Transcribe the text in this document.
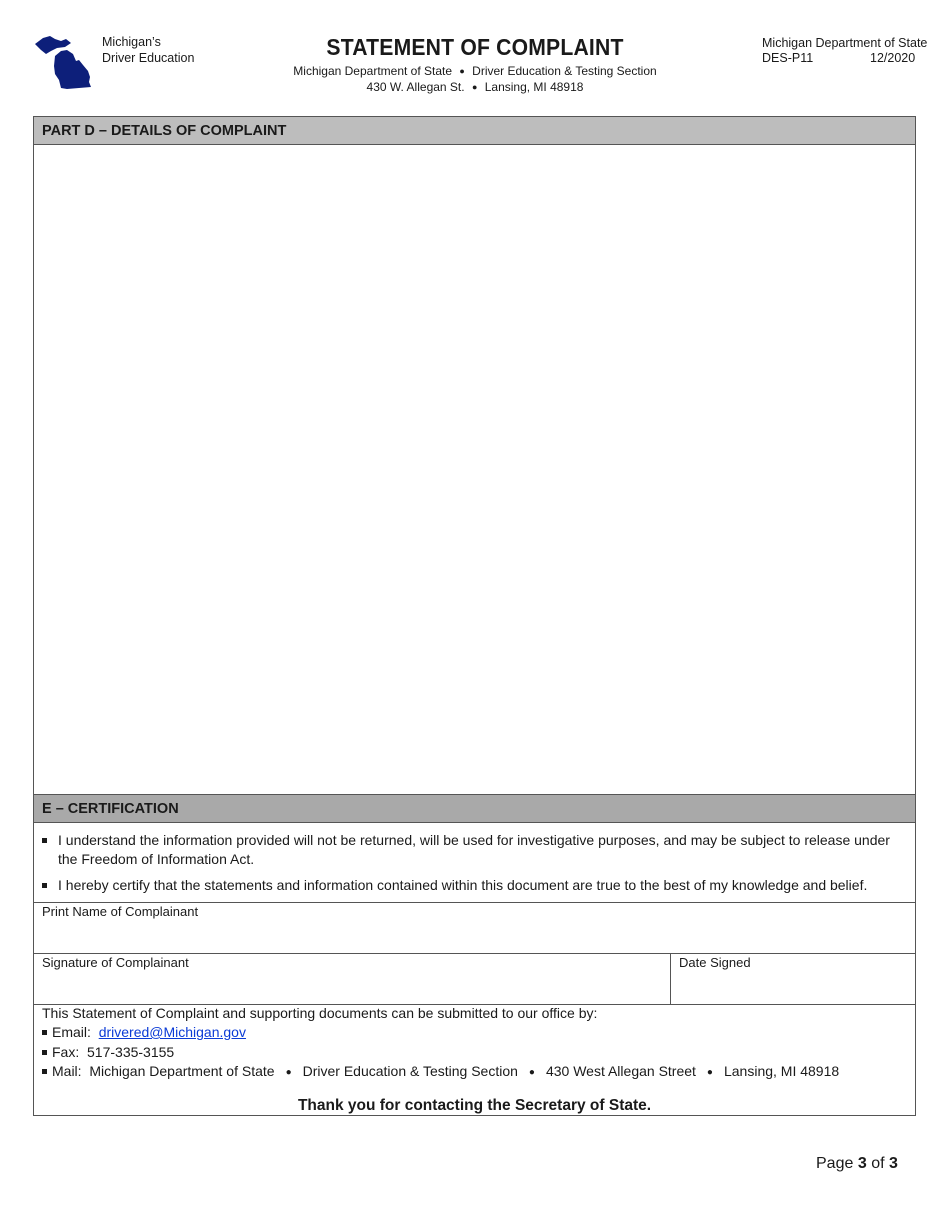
Michigan’s
Driver Education	STATEMENT OF COMPLAINT
Michigan Department of State ● Driver Education & Testing Section
430 W. Allegan St. ● Lansing, MI 48918
Michigan Department of State
DES-P11	12/2020
PART D – DETAILS OF COMPLAINT
E – CERTIFICATION
I understand the information provided will not be returned, will be used for investigative purposes, and may be subject to release under the Freedom of Information Act.
I hereby certify that the statements and information contained within this document are true to the best of my knowledge and belief.
Print Name of Complainant
Signature of Complainant	Date Signed
This Statement of Complaint and supporting documents can be submitted to our office by:
Email: drivered@Michigan.gov
Fax: 517-335-3155
Mail: Michigan Department of State ● Driver Education & Testing Section ● 430 West Allegan Street ● Lansing, MI 48918
Thank you for contacting the Secretary of State.
Page 3 of 3
